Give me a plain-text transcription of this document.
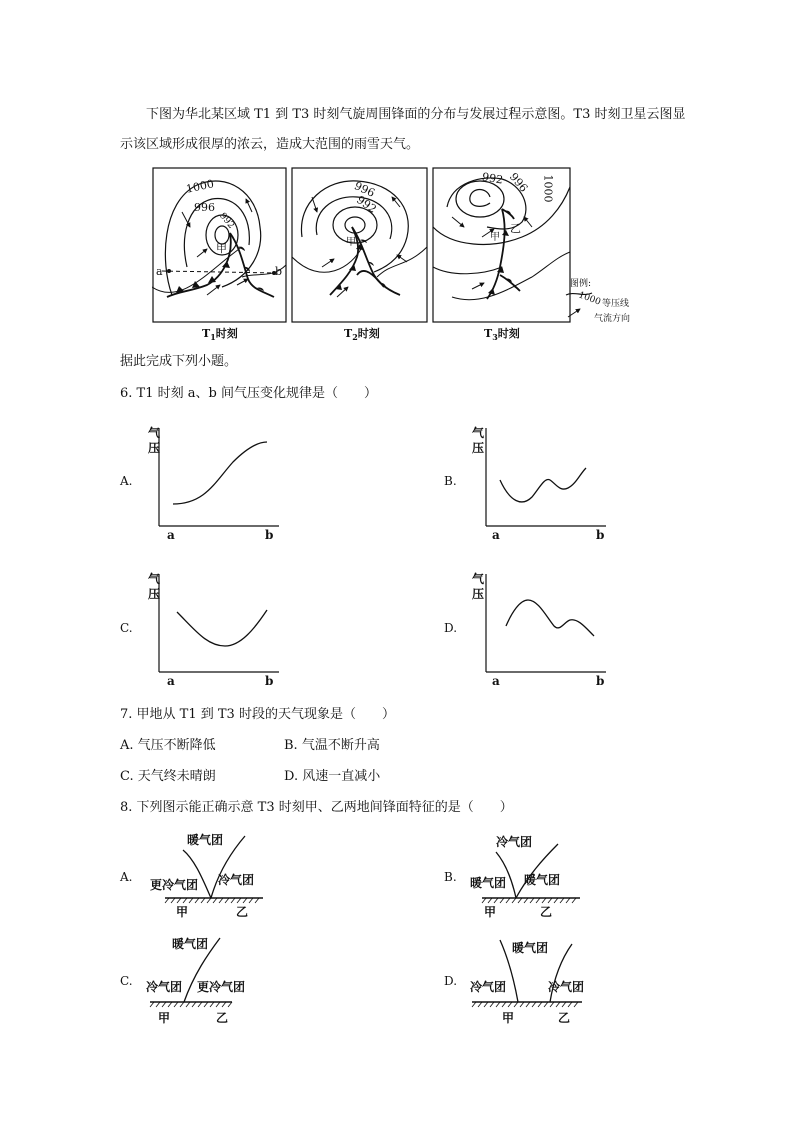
下图为华北某区域 T1 到 T3 时刻气旋周围锋面的分布与发展过程示意图。T3 时刻卫星云图显示该区域形成很厚的浓云，造成大范围的雨雪天气。
1000
996
992
甲
a	b
996
992
甲
992 996 1000
乙
甲
图例:
1000 等压线
气流方向
$T_1$时刻	$T_2$时刻	$T_3$时刻
据此完成下列小题。
6. T1 时刻 a、b 间气压变化规律是（　　）
A.
气
压
a	b
B.
气
压
a	b
C.
气
压
a	b
D.
气
压
a	b
7. 甲地从 T1 到 T3 时段的天气现象是（　　）
A. 气压不断降低	B. 气温不断升高
C. 天气终未晴朗	D. 风速一直减小
8. 下列图示能正确示意 T3 时刻甲、乙两地间锋面特征的是（　　）
A.
暖气团
更冷气团 冷气团
甲	乙
B.
冷气团
暖气团 暖气团
甲	乙
C.
暖气团
冷气团 更冷气团
甲	乙
D.
暖气团
冷气团	冷气团
甲	乙
